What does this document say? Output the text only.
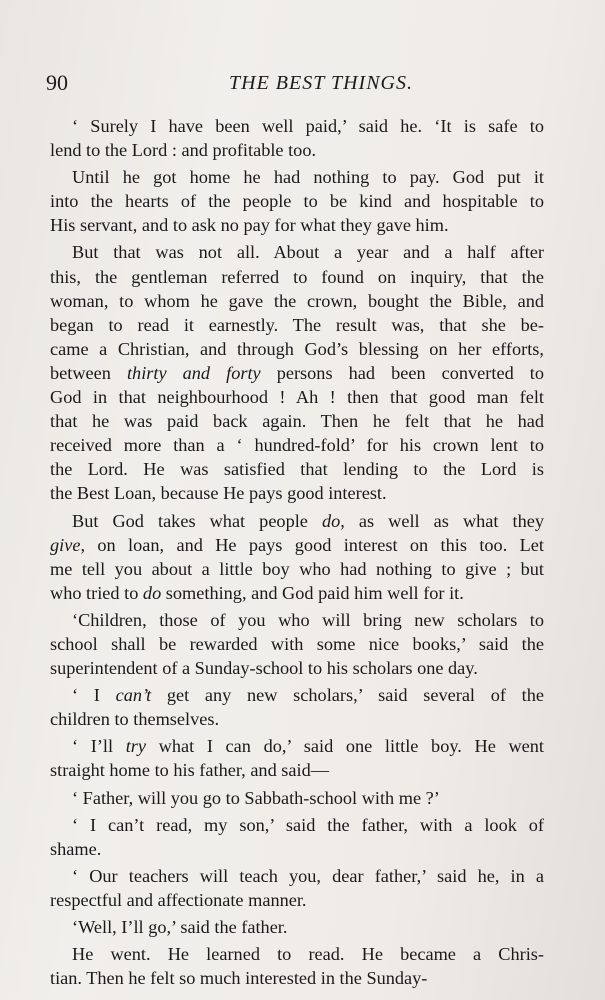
90	THE BEST THINGS.

‘ Surely I have been well paid,’ said he. ‘It is safe to
lend to the Lord : and profitable too.

Until he got home he had nothing to pay. God put it
into the hearts of the people to be kind and hospitable to
His servant, and to ask no pay for what they gave him.

But that was not all. About a year and a half after
this, the gentleman referred to found on inquiry, that the
woman, to whom he gave the crown, bought the Bible, and
began to read it earnestly. The result was, that she be-
came a Christian, and through God’s blessing on her efforts,
between thirty and forty persons had been converted to
God in that neighbourhood ! Ah ! then that good man felt
that he was paid back again. Then he felt that he had
received more than a ‘ hundred-fold’ for his crown lent to
the Lord. He was satisfied that lending to the Lord is
the Best Loan, because He pays good interest.

But God takes what people do, as well as what they
give, on loan, and He pays good interest on this too. Let
me tell you about a little boy who had nothing to give ; but
who tried to do something, and God paid him well for it.

‘Children, those of you who will bring new scholars to
school shall be rewarded with some nice books,’ said the
superintendent of a Sunday-school to his scholars one day.

‘ I can’t get any new scholars,’ said several of the
children to themselves.

‘ I’ll try what I can do,’ said one little boy. He went
straight home to his father, and said—

‘ Father, will you go to Sabbath-school with me ?’

‘ I can’t read, my son,’ said the father, with a look of
shame.

‘ Our teachers will teach you, dear father,’ said he, in a
respectful and affectionate manner.

‘Well, I’ll go,’ said the father.

He went. He learned to read. He became a Chris-
tian. Then he felt so much interested in the Sunday-
